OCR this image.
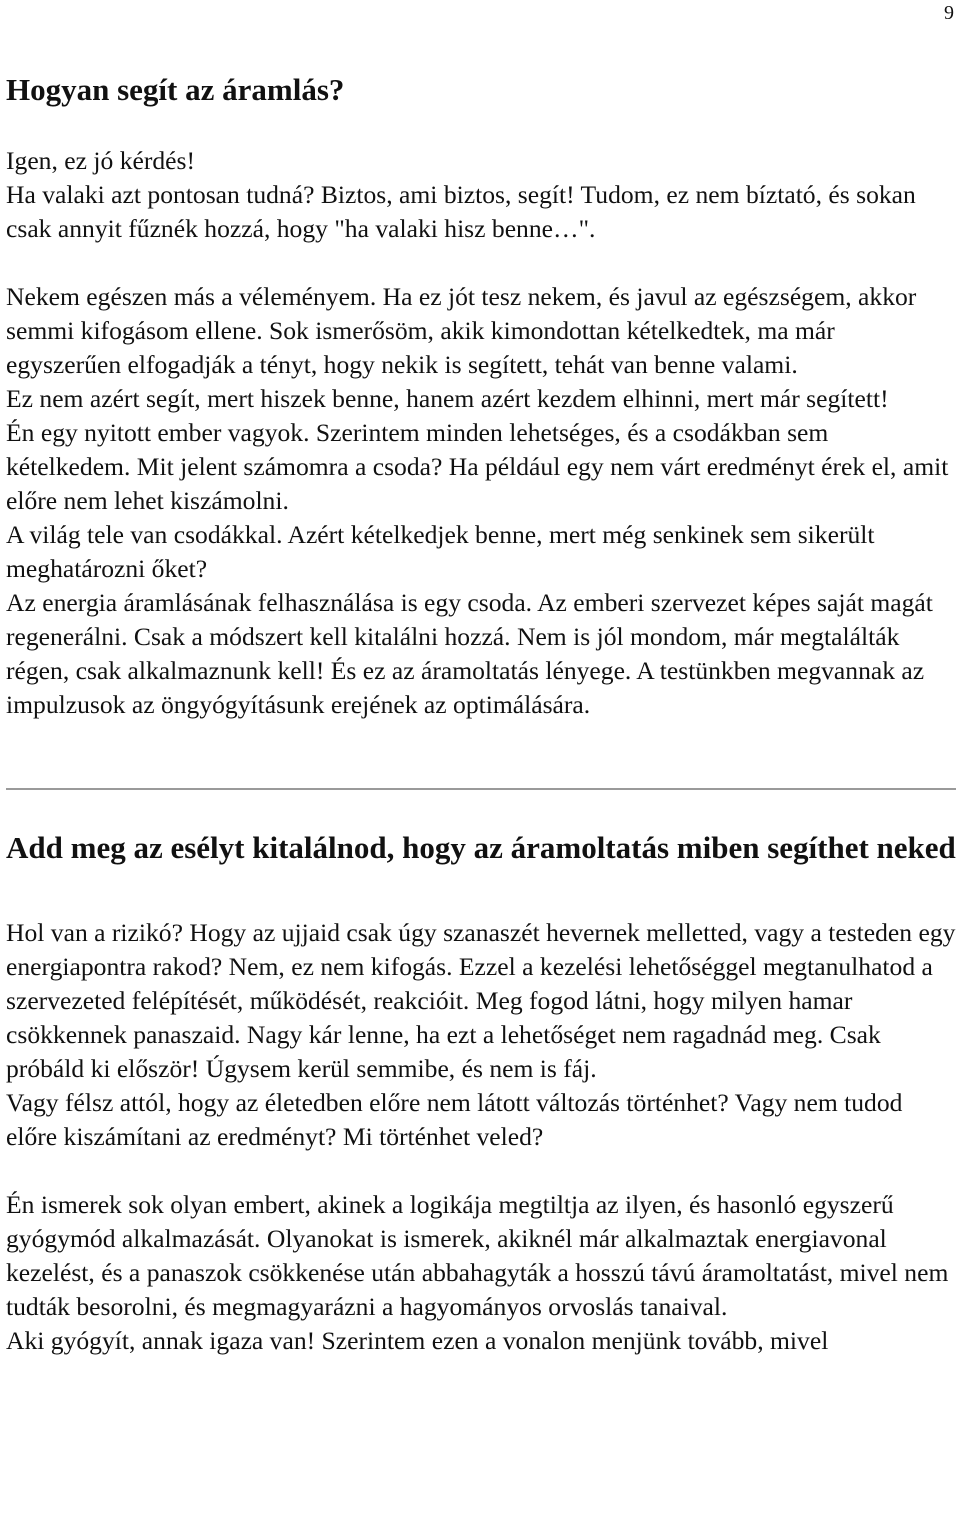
9
Hogyan segít az áramlás?

Igen, ez jó kérdés!

Ha valaki azt pontosan tudná? Biztos, ami biztos, segít! Tudom, ez nem bíztató, és sokan csak annyit fűznék hozzá, hogy "ha valaki hisz benne…".

Nekem egészen más a véleményem. Ha ez jót tesz nekem, és javul az egészségem, akkor semmi kifogásom ellene. Sok ismerősöm, akik kimondottan kételkedtek, ma már egyszerűen elfogadják a tényt, hogy nekik is segített, tehát van benne valami.

Ez nem azért segít, mert hiszek benne, hanem azért kezdem elhinni, mert már segített!

Én egy nyitott ember vagyok. Szerintem minden lehetséges, és a csodákban sem kételkedem. Mit jelent számomra a csoda? Ha például egy nem várt eredményt érek el, amit előre nem lehet kiszámolni.

A világ tele van csodákkal. Azért kételkedjek benne, mert még senkinek sem sikerült meghatározni őket?

Az energia áramlásának felhasználása is egy csoda. Az emberi szervezet képes saját magát regenerálni. Csak a módszert kell kitalálni hozzá. Nem is jól mondom, már megtalálták régen, csak alkalmaznunk kell! És ez az áramoltatás lényege. A testünkben megvannak az impulzusok az öngyógyításunk erejének az optimálására.

Add meg az esélyt kitalálnod, hogy az áramoltatás miben segíthet neked

Hol van a rizikó? Hogy az ujjaid csak úgy szanaszét hevernek melletted, vagy a testeden egy energiapontra rakod? Nem, ez nem kifogás. Ezzel a kezelési lehetőséggel megtanulhatod a szervezeted felépítését, működését, reakcióit. Meg fogod látni, hogy milyen hamar csökkennek panaszaid. Nagy kár lenne, ha ezt a lehetőséget nem ragadnád meg. Csak próbáld ki először! Úgysem kerül semmibe, és nem is fáj.

Vagy félsz attól, hogy az életedben előre nem látott változás történhet? Vagy nem tudod előre kiszámítani az eredményt? Mi történhet veled?

Én ismerek sok olyan embert, akinek a logikája megtiltja az ilyen, és hasonló egyszerű gyógymód alkalmazását. Olyanokat is ismerek, akiknél már alkalmaztak energiavonal kezelést, és a panaszok csökkenése után abbahagyták a hosszú távú áramoltatást, mivel nem tudták besorolni, és megmagyarázni a hagyományos orvoslás tanaival.

Aki gyógyít, annak igaza van! Szerintem ezen a vonalon menjünk tovább, mivel
